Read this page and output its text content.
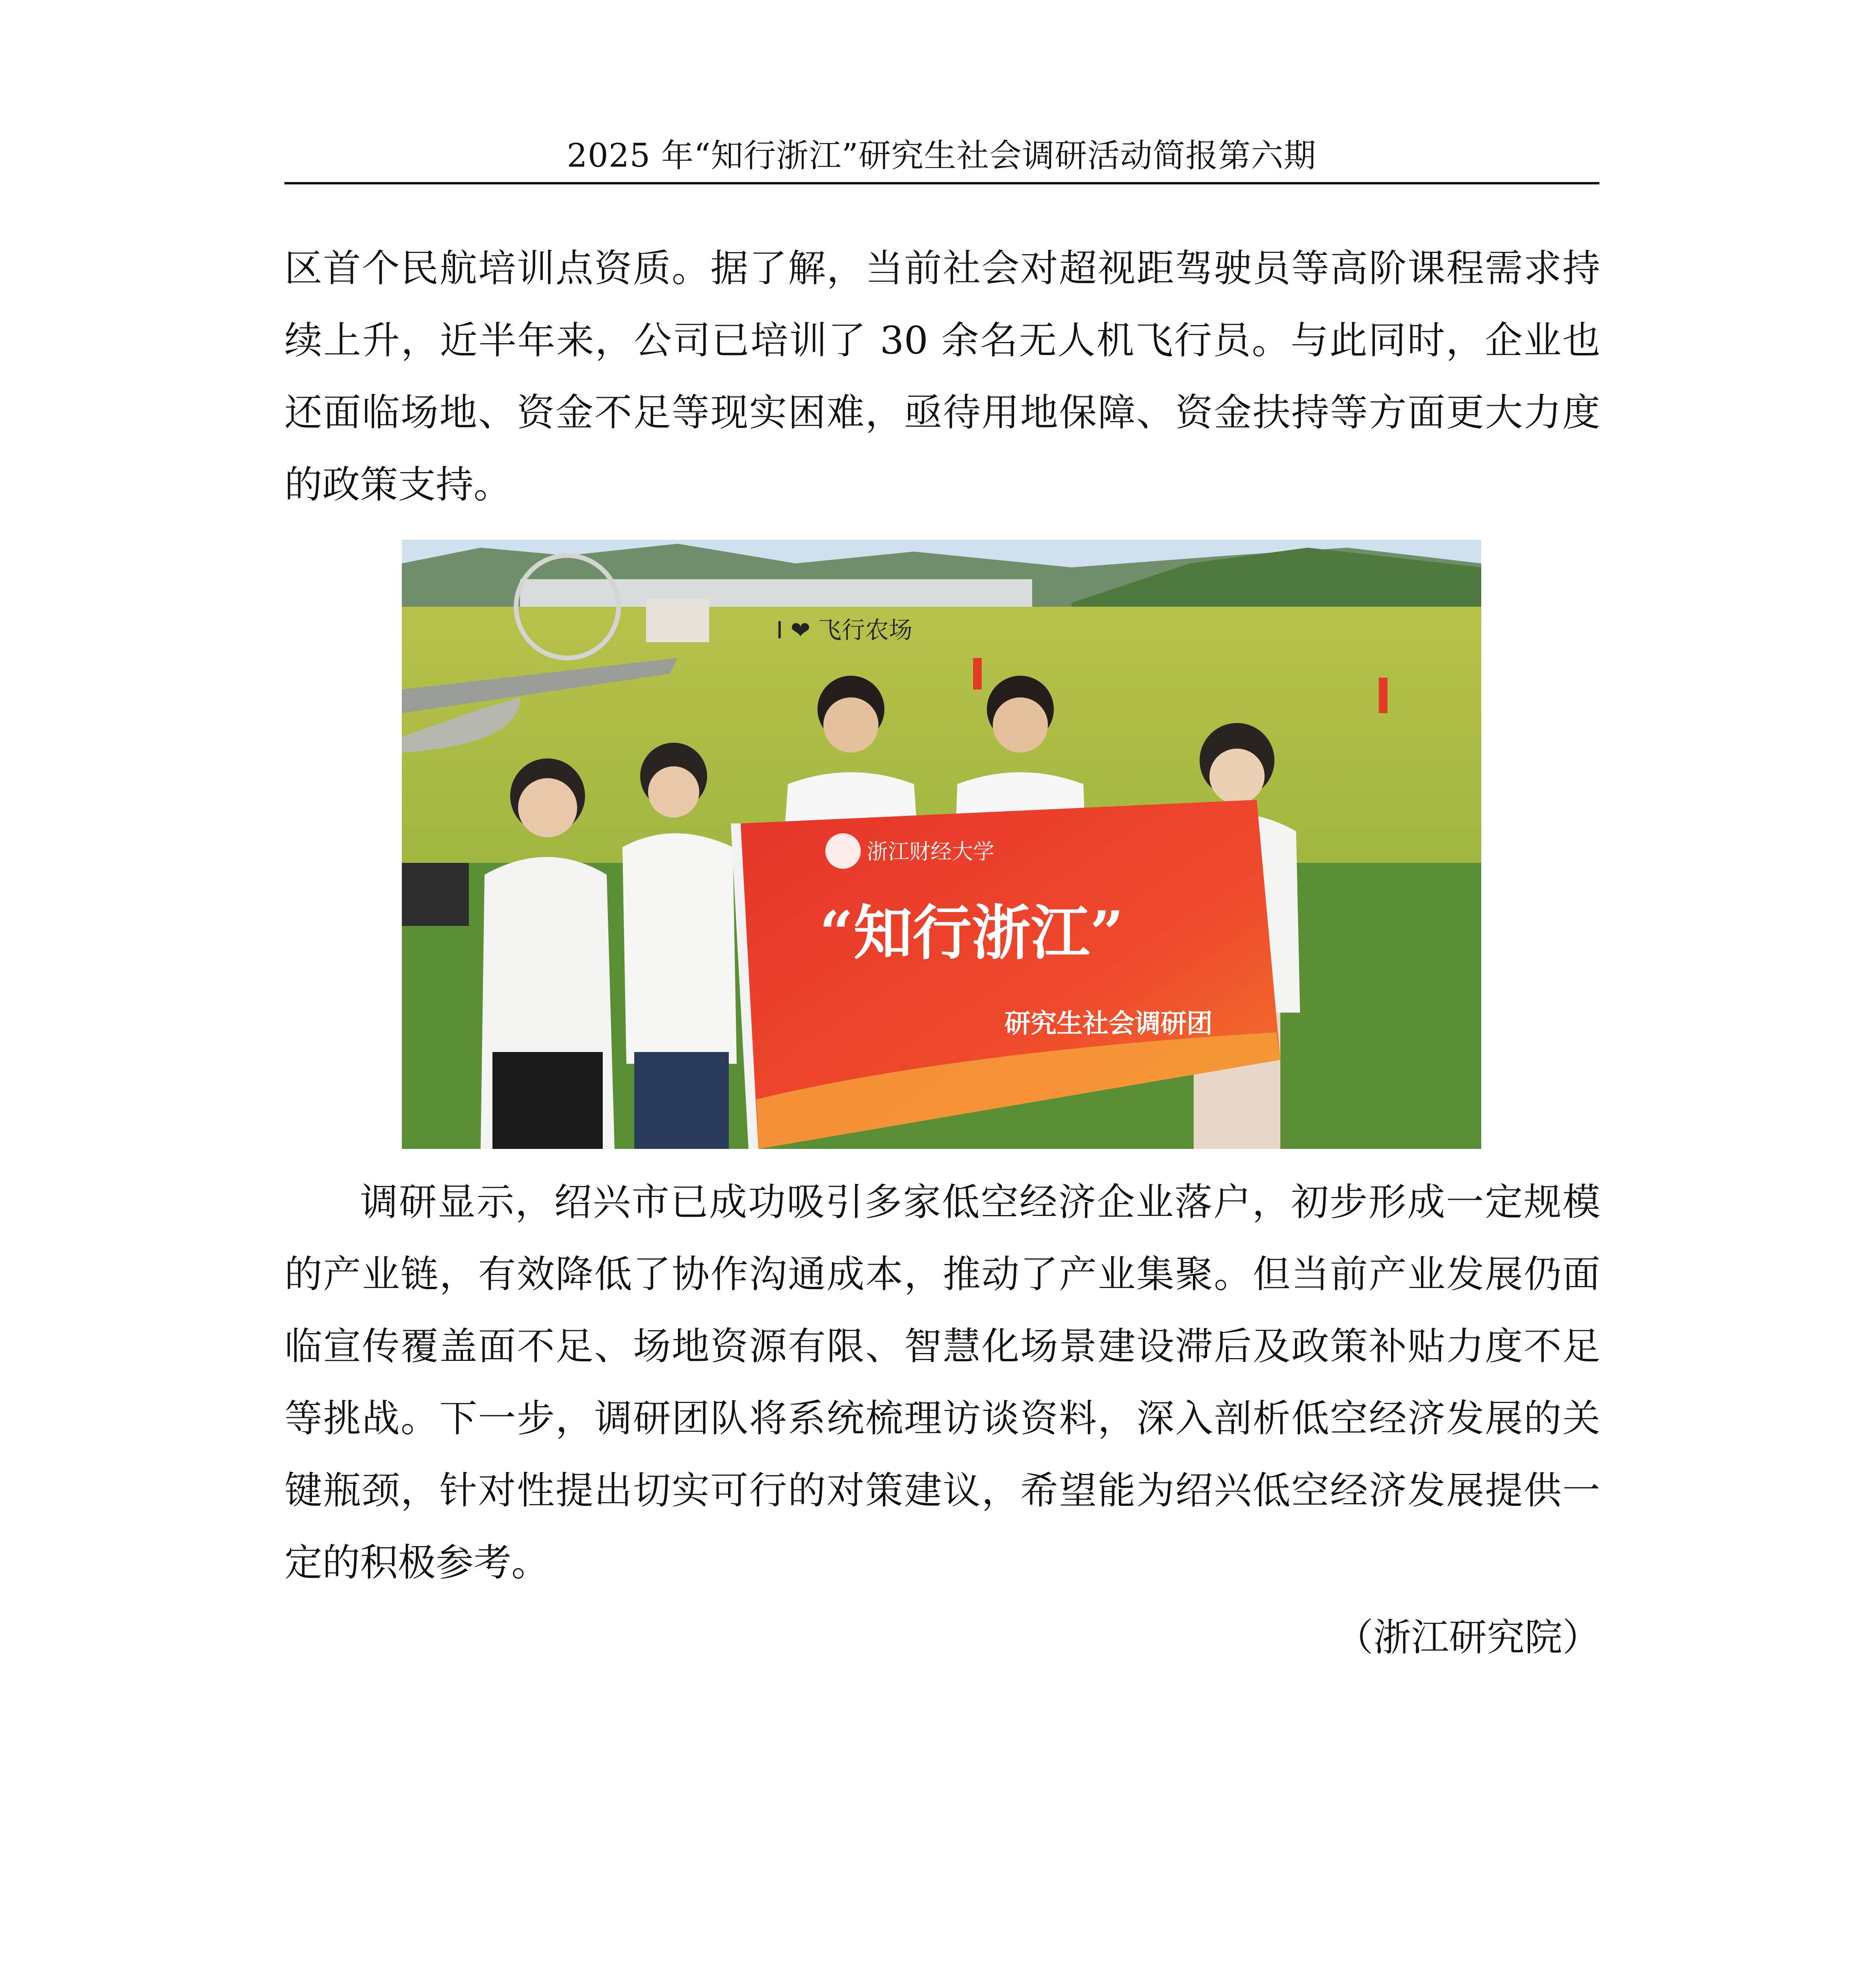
2025 年“知行浙江”研究生社会调研活动简报第六期
区首个民航培训点资质。据了解，当前社会对超视距驾驶员等高阶课程需求持续上升，近半年来，公司已培训了 30 余名无人机飞行员。与此同时，企业也还面临场地、资金不足等现实困难，亟待用地保障、资金扶持等方面更大力度的政策支持。
I ❤ 飞行农场
浙江财经大学
“知行浙江”
研究生社会调研团
调研显示，绍兴市已成功吸引多家低空经济企业落户，初步形成一定规模的产业链，有效降低了协作沟通成本，推动了产业集聚。但当前产业发展仍面临宣传覆盖面不足、场地资源有限、智慧化场景建设滞后及政策补贴力度不足等挑战。下一步，调研团队将系统梳理访谈资料，深入剖析低空经济发展的关键瓶颈，针对性提出切实可行的对策建议，希望能为绍兴低空经济发展提供一定的积极参考。
（浙江研究院）
